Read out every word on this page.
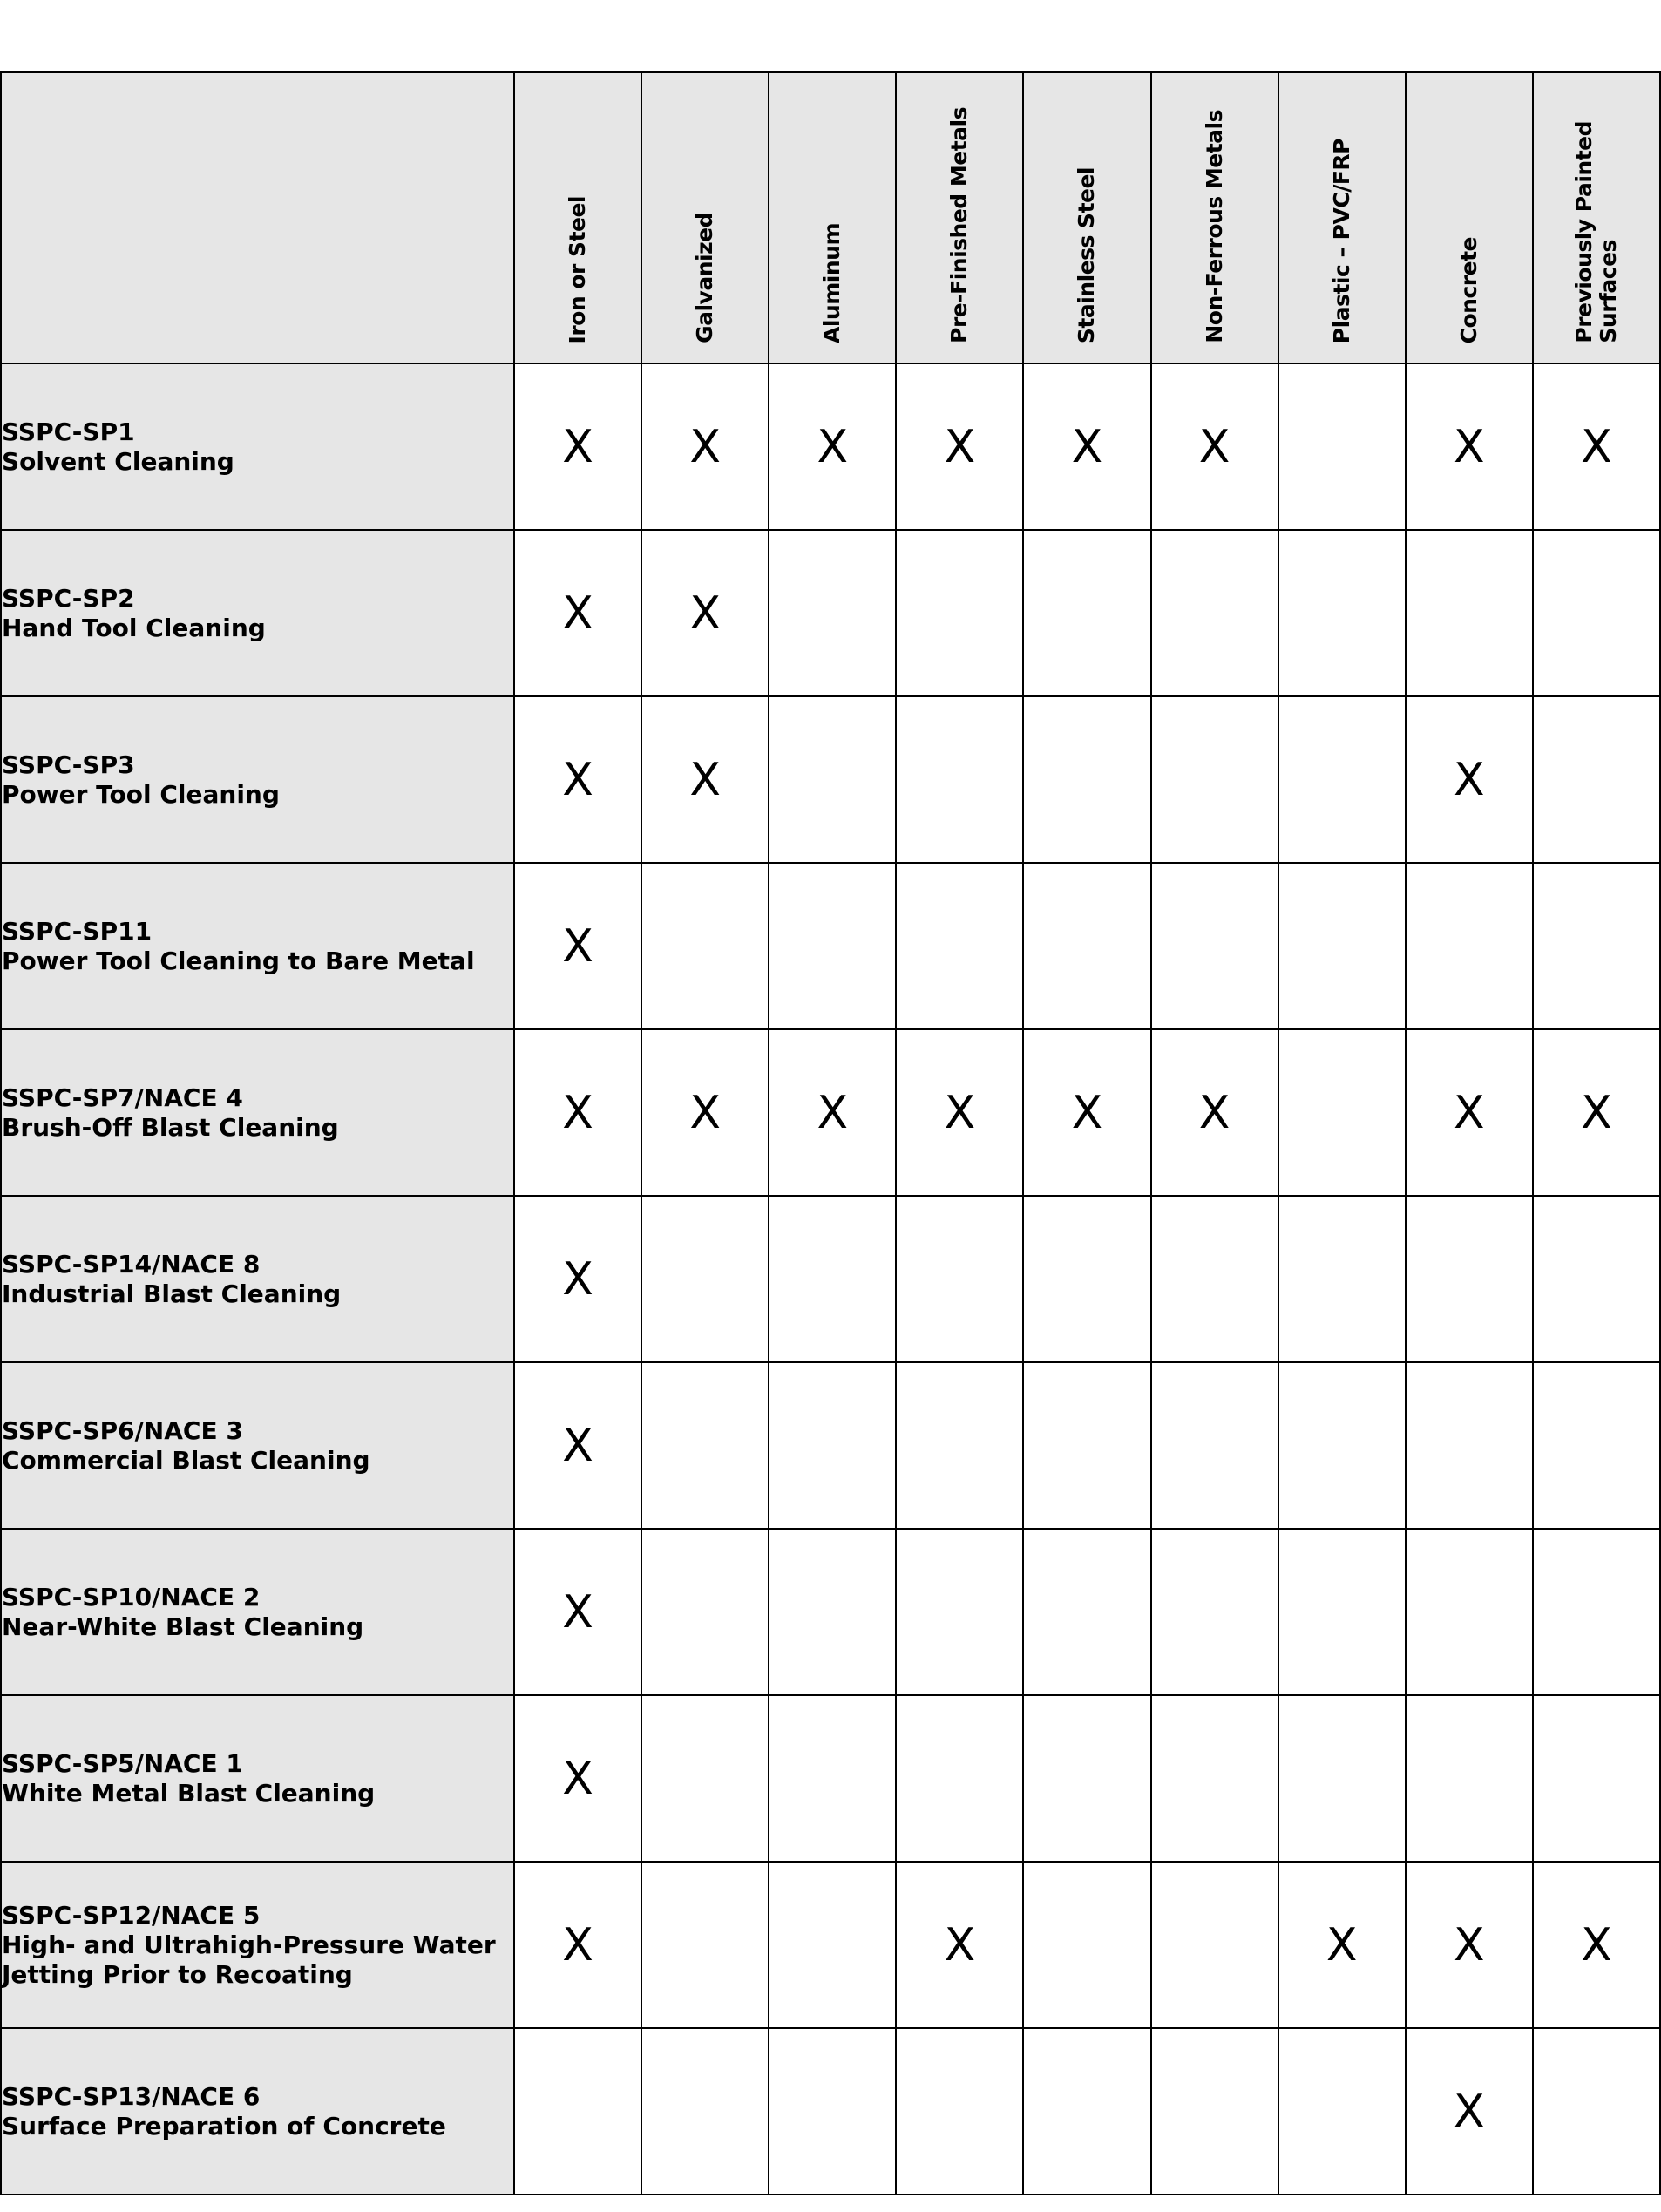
	Iron or Steel	Galvanized	Aluminum	Pre-Finished Metals	Stainless Steel	Non-Ferrous Metals	Plastic – PVC/FRP	Concrete	Previously Painted
Surfaces

SSPC-SP1
Solvent Cleaning	X	X	X	X	X	X		X	X

SSPC-SP2
Hand Tool Cleaning	X	X							

SSPC-SP3
Power Tool Cleaning	X	X						X	

SSPC-SP11
Power Tool Cleaning to Bare Metal	X								

SSPC-SP7/NACE 4
Brush-Off Blast Cleaning	X	X	X	X	X	X		X	X

SSPC-SP14/NACE 8
Industrial Blast Cleaning	X								

SSPC-SP6/NACE 3
Commercial Blast Cleaning	X								

SSPC-SP10/NACE 2
Near-White Blast Cleaning	X								

SSPC-SP5/NACE 1
White Metal Blast Cleaning	X								

SSPC-SP12/NACE 5
High- and Ultrahigh-Pressure Water
Jetting Prior to Recoating	X			X			X	X	X

SSPC-SP13/NACE 6
Surface Preparation of Concrete								X	
